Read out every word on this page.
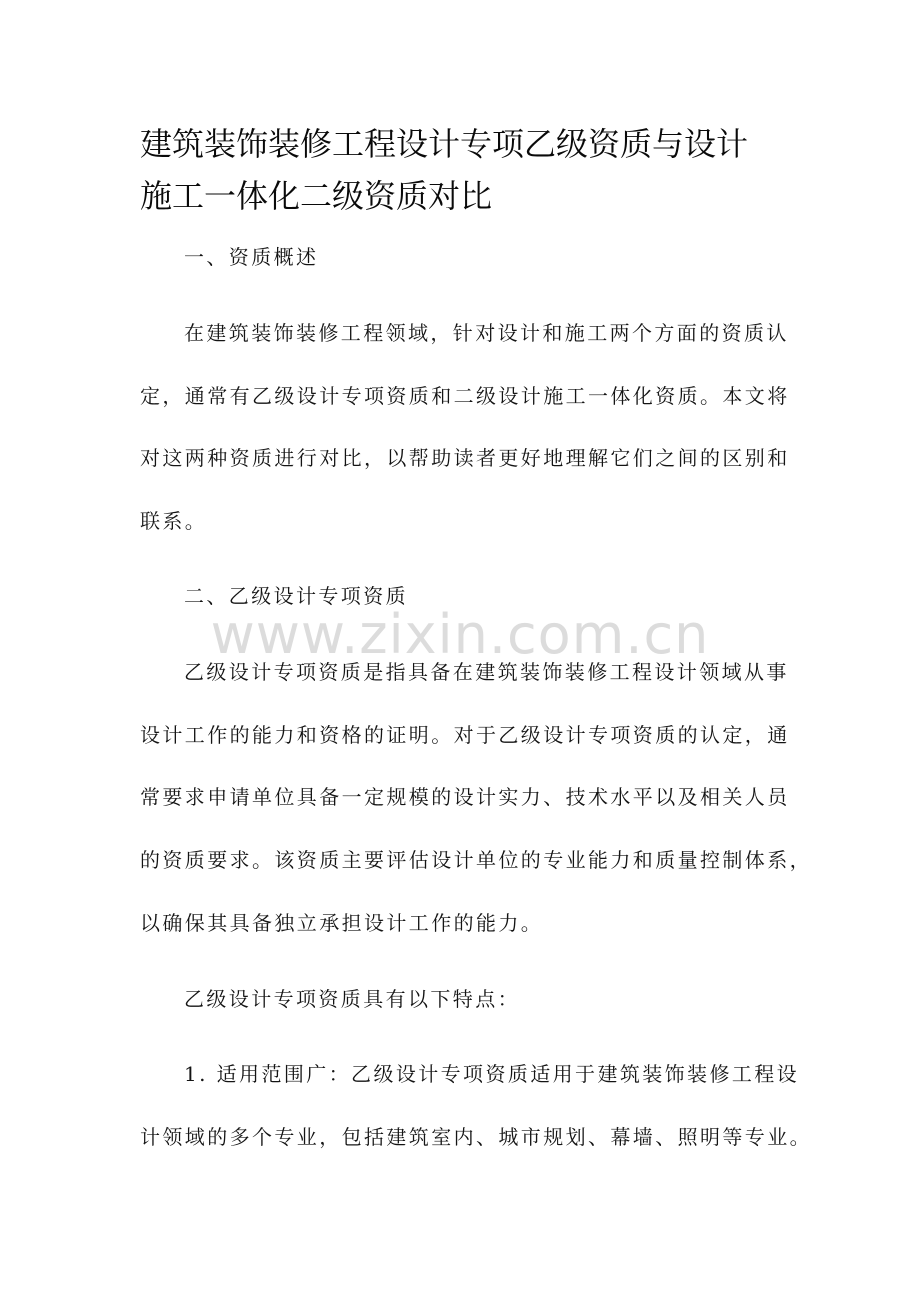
建筑装饰装修工程设计专项乙级资质与设计
施工一体化二级资质对比
一、资质概述
在建筑装饰装修工程领域，针对设计和施工两个方面的资质认
定，通常有乙级设计专项资质和二级设计施工一体化资质。本文将
对这两种资质进行对比，以帮助读者更好地理解它们之间的区别和
联系。
二、乙级设计专项资质
www.zixin.com.cn
乙级设计专项资质是指具备在建筑装饰装修工程设计领域从事
设计工作的能力和资格的证明。对于乙级设计专项资质的认定，通
常要求申请单位具备一定规模的设计实力、技术水平以及相关人员
的资质要求。该资质主要评估设计单位的专业能力和质量控制体系，
以确保其具备独立承担设计工作的能力。
乙级设计专项资质具有以下特点：
1. 适用范围广：乙级设计专项资质适用于建筑装饰装修工程设
计领域的多个专业，包括建筑室内、城市规划、幕墙、照明等专业。
